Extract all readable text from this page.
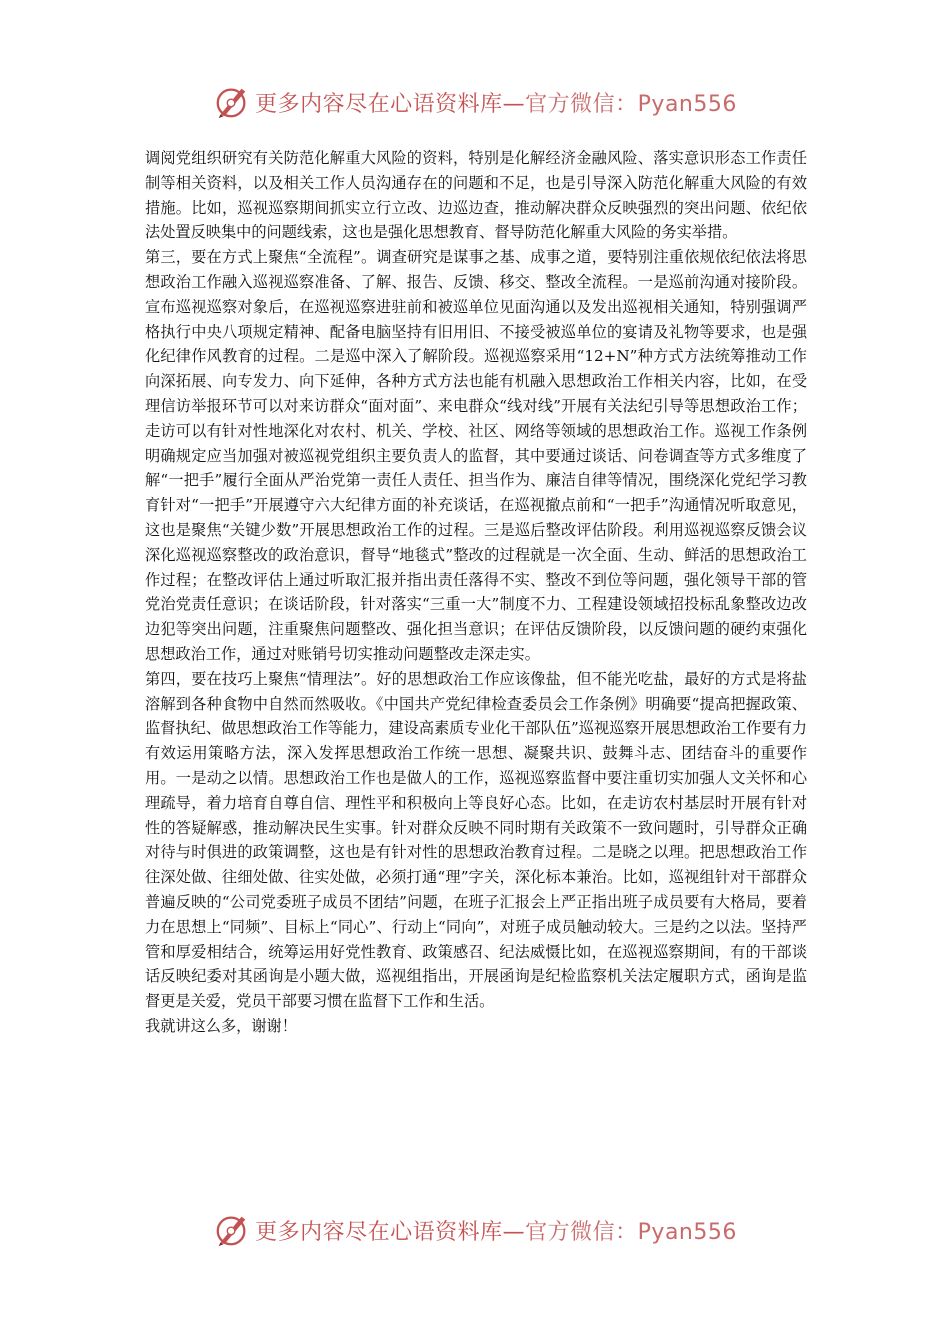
更多内容尽在心语资料库—官方微信：Pyan556

调阅党组织研究有关防范化解重大风险的资料，特别是化解经济金融风险、落实意识形态工作责任制等相关资料，以及相关工作人员沟通存在的问题和不足，也是引导深入防范化解重大风险的有效措施。比如，巡视巡察期间抓实立行立改、边巡边查，推动解决群众反映强烈的突出问题、依纪依法处置反映集中的问题线索，这也是强化思想教育、督导防范化解重大风险的务实举措。

第三，要在方式上聚焦“全流程”。调查研究是谋事之基、成事之道，要特别注重依规依纪依法将思想政治工作融入巡视巡察准备、了解、报告、反馈、移交、整改全流程。一是巡前沟通对接阶段。宣布巡视巡察对象后，在巡视巡察进驻前和被巡单位见面沟通以及发出巡视相关通知，特别强调严格执行中央八项规定精神、配备电脑坚持有旧用旧、不接受被巡单位的宴请及礼物等要求，也是强化纪律作风教育的过程。二是巡中深入了解阶段。巡视巡察采用“12+N”种方式方法统筹推动工作向深拓展、向专发力、向下延伸，各种方式方法也能有机融入思想政治工作相关内容，比如，在受理信访举报环节可以对来访群众“面对面”、来电群众“线对线”开展有关法纪引导等思想政治工作；走访可以有针对性地深化对农村、机关、学校、社区、网络等领域的思想政治工作。巡视工作条例明确规定应当加强对被巡视党组织主要负责人的监督，其中要通过谈话、问卷调查等方式多维度了解“一把手”履行全面从严治党第一责任人责任、担当作为、廉洁自律等情况，围绕深化党纪学习教育针对“一把手”开展遵守六大纪律方面的补充谈话，在巡视撤点前和“一把手”沟通情况听取意见，这也是聚焦“关键少数”开展思想政治工作的过程。三是巡后整改评估阶段。利用巡视巡察反馈会议深化巡视巡察整改的政治意识，督导“地毯式”整改的过程就是一次全面、生动、鲜活的思想政治工作过程；在整改评估上通过听取汇报并指出责任落得不实、整改不到位等问题，强化领导干部的管党治党责任意识；在谈话阶段，针对落实“三重一大”制度不力、工程建设领域招投标乱象整改边改边犯等突出问题，注重聚焦问题整改、强化担当意识；在评估反馈阶段，以反馈问题的硬约束强化思想政治工作，通过对账销号切实推动问题整改走深走实。

第四，要在技巧上聚焦“情理法”。好的思想政治工作应该像盐，但不能光吃盐，最好的方式是将盐溶解到各种食物中自然而然吸收。《中国共产党纪律检查委员会工作条例》明确要“提高把握政策、监督执纪、做思想政治工作等能力，建设高素质专业化干部队伍”巡视巡察开展思想政治工作要有力有效运用策略方法，深入发挥思想政治工作统一思想、凝聚共识、鼓舞斗志、团结奋斗的重要作用。一是动之以情。思想政治工作也是做人的工作，巡视巡察监督中要注重切实加强人文关怀和心理疏导，着力培育自尊自信、理性平和积极向上等良好心态。比如，在走访农村基层时开展有针对性的答疑解惑，推动解决民生实事。针对群众反映不同时期有关政策不一致问题时，引导群众正确对待与时俱进的政策调整，这也是有针对性的思想政治教育过程。二是晓之以理。把思想政治工作往深处做、往细处做、往实处做，必须打通“理”字关，深化标本兼治。比如，巡视组针对干部群众普遍反映的“公司党委班子成员不团结”问题，在班子汇报会上严正指出班子成员要有大格局，要着力在思想上“同频”、目标上“同心”、行动上“同向”，对班子成员触动较大。三是约之以法。坚持严管和厚爱相结合，统筹运用好党性教育、政策感召、纪法威慑比如，在巡视巡察期间，有的干部谈话反映纪委对其函询是小题大做，巡视组指出，开展函询是纪检监察机关法定履职方式，函询是监督更是关爱，党员干部要习惯在监督下工作和生活。

我就讲这么多，谢谢！

更多内容尽在心语资料库—官方微信：Pyan556
